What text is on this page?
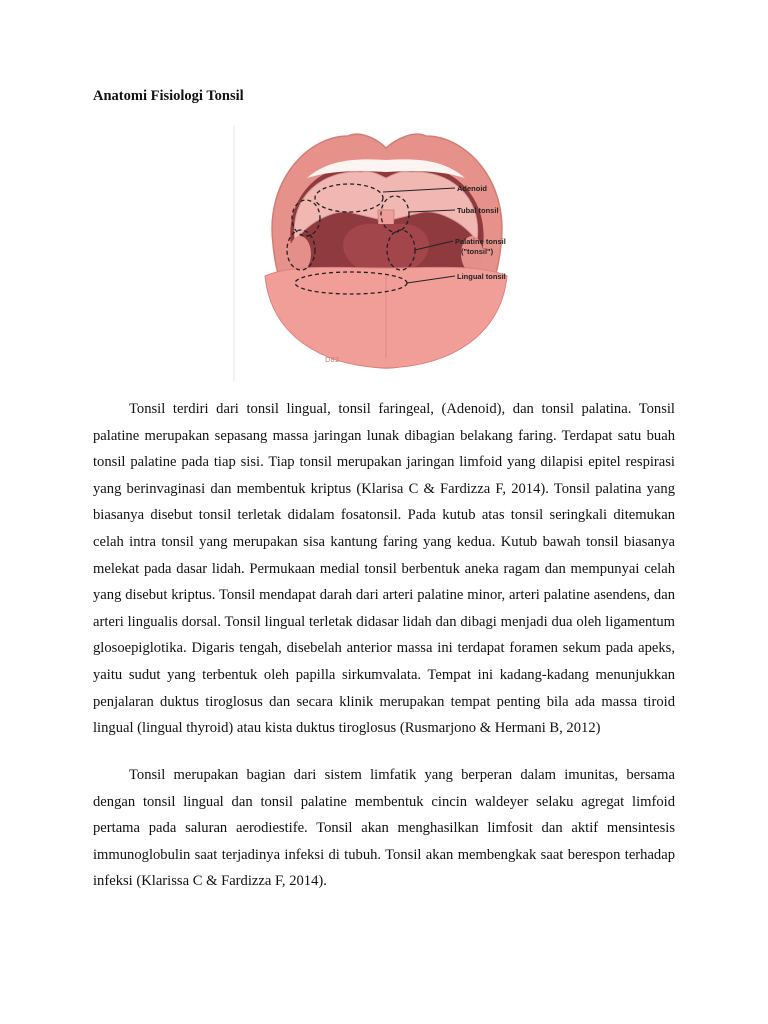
Anatomi Fisiologi Tonsil
D82
Adenoid
Tubal tonsil
Palatine tonsil
("tonsil")
Lingual tonsil

Tonsil terdiri dari tonsil lingual, tonsil faringeal, (Adenoid), dan tonsil palatina. Tonsil palatine merupakan sepasang massa jaringan lunak dibagian belakang faring. Terdapat satu buah tonsil palatine pada tiap sisi. Tiap tonsil merupakan jaringan limfoid yang dilapisi epitel respirasi yang berinvaginasi dan membentuk kriptus (Klarisa C & Fardizza F, 2014). Tonsil palatina yang biasanya disebut tonsil terletak didalam fosatonsil. Pada kutub atas tonsil seringkali ditemukan celah intra tonsil yang merupakan sisa kantung faring yang kedua. Kutub bawah tonsil biasanya melekat pada dasar lidah. Permukaan medial tonsil berbentuk aneka ragam dan mempunyai celah yang disebut kriptus. Tonsil mendapat darah dari arteri palatine minor, arteri palatine asendens, dan arteri lingualis dorsal. Tonsil lingual terletak didasar lidah dan dibagi menjadi dua oleh ligamentum glosoepiglotika. Digaris tengah, disebelah anterior massa ini terdapat foramen sekum pada apeks, yaitu sudut yang terbentuk oleh papilla sirkumvalata. Tempat ini kadang-kadang menunjukkan penjalaran duktus tiroglosus dan secara klinik merupakan tempat penting bila ada massa tiroid lingual (lingual thyroid) atau kista duktus tiroglosus (Rusmarjono & Hermani B, 2012)

Tonsil merupakan bagian dari sistem limfatik yang berperan dalam imunitas, bersama dengan tonsil lingual dan tonsil palatine membentuk cincin waldeyer selaku agregat limfoid pertama pada saluran aerodiestife. Tonsil akan menghasilkan limfosit dan aktif mensintesis immunoglobulin saat terjadinya infeksi di tubuh. Tonsil akan membengkak saat berespon terhadap infeksi (Klarissa C & Fardizza F, 2014).
